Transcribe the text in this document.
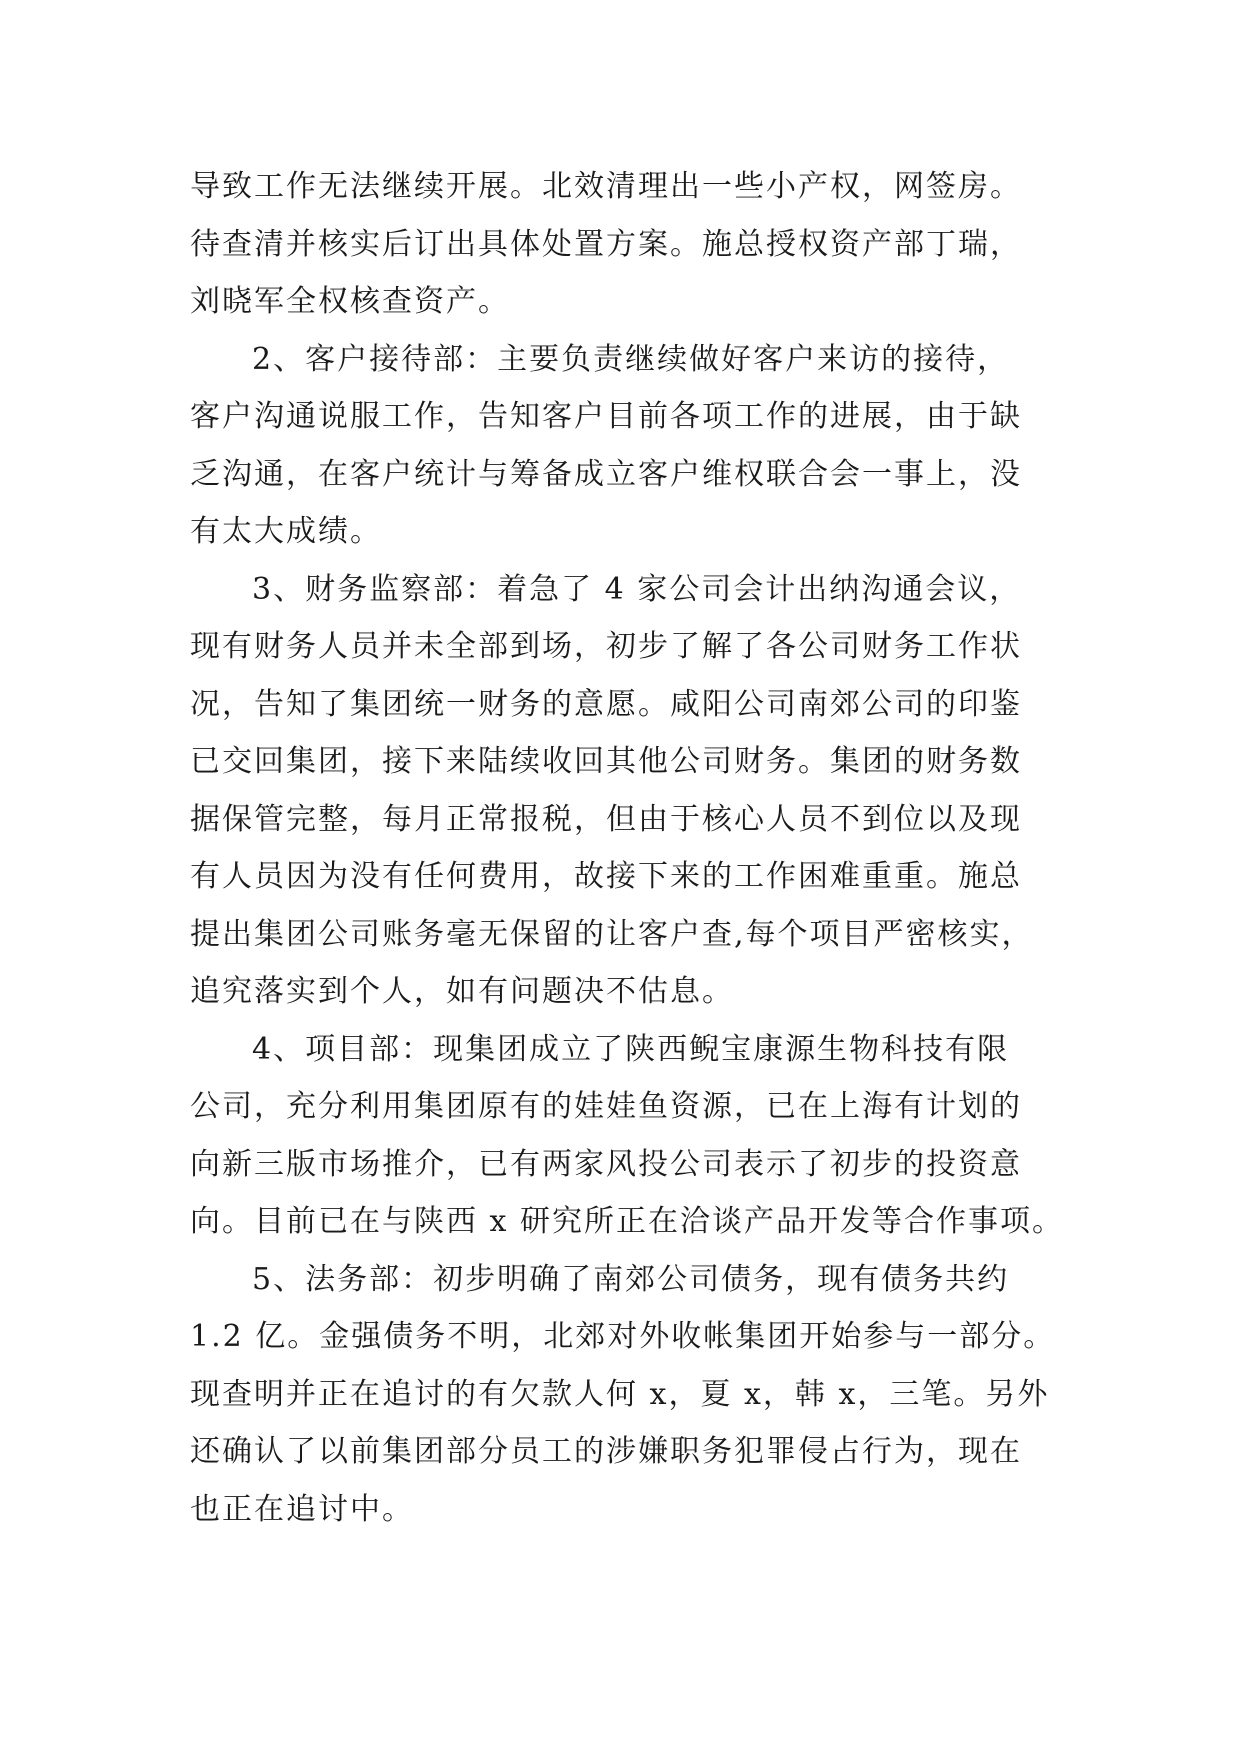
导致工作无法继续开展。北效清理出一些小产权，网签房。
待查清并核实后订出具体处置方案。施总授权资产部丁瑞，
刘晓军全权核查资产。
2、客户接待部：主要负责继续做好客户来访的接待，
客户沟通说服工作，告知客户目前各项工作的进展，由于缺
乏沟通，在客户统计与筹备成立客户维权联合会一事上，没
有太大成绩。
3、财务监察部：着急了 4 家公司会计出纳沟通会议，
现有财务人员并未全部到场，初步了解了各公司财务工作状
况，告知了集团统一财务的意愿。咸阳公司南郊公司的印鉴
已交回集团，接下来陆续收回其他公司财务。集团的财务数
据保管完整，每月正常报税，但由于核心人员不到位以及现
有人员因为没有任何费用，故接下来的工作困难重重。施总
提出集团公司账务毫无保留的让客户查,每个项目严密核实，
追究落实到个人，如有问题决不估息。
4、项目部：现集团成立了陕西鲵宝康源生物科技有限
公司，充分利用集团原有的娃娃鱼资源，已在上海有计划的
向新三版市场推介，已有两家风投公司表示了初步的投资意
向。目前已在与陕西 x 研究所正在洽谈产品开发等合作事项。
5、法务部：初步明确了南郊公司债务，现有债务共约
1.2 亿。金强债务不明，北郊对外收帐集团开始参与一部分。
现查明并正在追讨的有欠款人何 x，夏 x，韩 x，三笔。另外
还确认了以前集团部分员工的涉嫌职务犯罪侵占行为，现在
也正在追讨中。
